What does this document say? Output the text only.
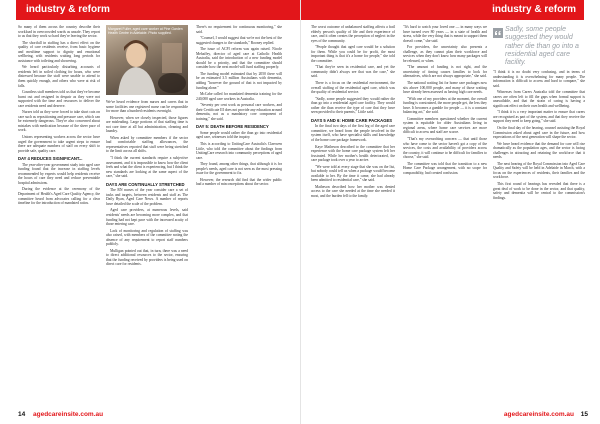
industry & reform

So many of them across the country describe their workload in overcrowded wards as unsafe. They report to us that they work so hard they're leaving the sector.

The shortfall in staffing has a direct effect on the quality of care residents receive, from basic hygiene and mealtime support to dignity and emotional wellbeing, with residents waiting long periods for assistance with toileting and showering.

We heard particularly disturbing accounts of residents left in soiled clothing for hours, who were distressed because the staff were unable to attend to them quickly enough, and others who were at risk of falls.

Countless staff members told us that they've become burnt out and resigned in despair as they were not supported with the time and resources to deliver the care residents need and deserve.

Nurses told us they were forced to take short cuts on care such as repositioning and pressure care, which can be extremely dangerous. They're also concerned about mistakes with medication because of the sheer pace of work.

Unions representing workers across the sector have urged the government to take urgent steps to ensure there are adequate numbers of staff on every shift to provide safe, quality care.

DAY 4 REDUCES SIGNIFICANT...

The year-after-year government study into aged care funding found that the increase in staffing levels recommended by experts would help residents receive the hours of care they need and reduce preventable hospital admissions.

During the evidence at the ceremony of the Department of Health's Aged Care Quality Agency, the committee heard from advocates calling for a clear timeline for the introduction of mandated ratios.

Margaret Fuller, aged care worker at Pine Garden Health Centre in Adelaide. Photo supplied.

We've heard evidence from nurses and carers that in some facilities one registered nurse can be responsible for more than a hundred residents overnight.

However, when we closely inspected, those figures are misleading. Large portions of that staffing time is not care time at all but administration, cleaning and laundry.

When asked by committee members if the sector had comfortable staffing allowances, the representatives reported that staff were being stretched to the limit across all shifts.

"I think the current standards require a subjective assessment, and it is impossible to know how the client feels and what the client is experiencing, but I think the new standards are looking at the same aspect of the care," she said.

DAYS ARE CONTINUALLY STRETCHED

The RN nurses of the year consider care a set of tasks and targets, between residents and staff as The Daily Ryan, Aged Care News. A number of reports have detailed the scale of the problem.

Aged care providers, at numerous levels, said residents' needs are becoming more complex, and that funding had not kept pace with the increased acuity of those entering care.

Lack of monitoring and regulation of staffing was also raised, with members of the committee noting the absence of any requirement to report staff numbers publicly.

Mulligan pointed out that, in turn, there was a need to direct additional resources to the sector, ensuring that the funding received by providers is being used on direct care for residents.

There's no requirement for continuous monitoring," she said.

"Counsel, I would suggest that we're not the best of the suggested changes to the standards," Rooney replied.

The issue of ACFI reform was again raised. Nicole Mehaffey, director of aged care at Catholic Health Australia, said the introduction of a new funding model should be a priority, and that the committee should consider how the next model will fund staffing properly.

The funding model estimated that by 2050 there will be an estimated 3.5 million Australians with dementia, adding "however the ground of that is not impacted by funding alone."

McCabe called for mandated dementia training for the 240,000 aged care workers in Australia.

"Seventy per cent work as personal care workers, and their Certificate III does not provide any education around dementia, not as a mandatory core component of training," she said.

DAY 5: DEATH BEFORE RESIDENCY

Some people would rather die than go into residential aged care, witnesses told the inquiry.

This is according to UnitingCare Australia's Claerwen Little, who told the committee about the findings from UnitingCare research into community perceptions of aged care.

They found, among other things, that although it is for people's needs, aged care is not seen as the most pressing issue for the government to fix.

However, the research did find that the wider public had a number of misconceptions about the sector.

14 agedcareinsite.com.au
industry & reform

The worst outcome of unbalanced staffing affects a frail elderly person's quality of life and their experience of care, and it often creates the perception of neglect in the eyes of the community.

"People thought that aged care would be a solution for them. While you could be for profit, the most important thing is that it's a home for people," she told the committee.

"That they're seen in residential care, and yet the community didn't always see that was the case," she said.

There is a focus on the residential environment, the overall staffing of the residential aged care, which was the quality of residential service.

"Sadly, some people suggested they would rather die than go into a residential aged care facility. They would rather die than receive the type of care that they have seen provided to their parents," Little said.

DAYS 5 AND 6: HOME CARE PACKAGES

In the final two days of the first leg of the aged care committee, we heard from the people involved in the system itself, who have specialist skills and knowledge of the home care package framework.

Kaye Matheson described to the committee that her experience with the home care package system left her frustrated. While her mother's health deteriorated, the care package took over a year to arrive.

"We were told at every stage that she was on the list, but nobody could tell us when a package would become available to her. By the time it came, she had already been admitted to residential care," she said.

Matheson described how her mother was denied access to the care she needed at the time she needed it most, and the burden fell to the family.

"It's hard to watch your loved one — in many ways we have turned over 80 years — in a state of health and stress, while the very thing that is meant to support them doesn't come," she said.

For providers, the uncertainty also presents a challenge, as they cannot plan their workforce and services when they don't know how many packages will be released, or when.

"The amount of funding is not right, and the uncertainty of timing causes families to look for alternatives, which are not always appropriate," she said.

The national waiting list for home care packages now sits above 100,000 people, and many of those waiting have already been assessed as having high care needs.

"With one of my providers at the moment, the overall funding is constrained, the more people get, the less they have. It becomes a gamble for people — it is a constant balancing act," she said.

Committee members questioned whether the current system is equitable for older Australians living in regional areas, where home care services are more difficult to access and staff are scarce.

"That's my overarching concern — that until those who have come to the sector haven't got a copy of the services, the costs and availability of providers across the country, it will continue to be difficult for families to choose," she said.

The committee was told that the transition to a new Home Care Package arrangement, with no scope for comparability, had created confusion.

Sadly, some people suggested they would rather die than go into a residential aged care facility.

"I think it is no doubt very confusing, and in terms of understanding it is overwhelming for many people. The information is difficult to access and hard to compare," she said.

Witnesses from Carers Australia told the committee that carers are often left to fill the gaps when formal support is unavailable, and that the strain of caring is having a significant effect on their own health and wellbeing.

"I think it is a very important matter to ensure that carers are recognised as part of the system, and that they receive the support they need to keep going," she said.

On the final day of the hearing, counsel assisting the Royal Commission asked about aged care in the future, and how expectations of the next generation will shape the sector.

We have heard evidence that the demand for care will rise dramatically as the population ages, and the sector is facing challenges in attracting and retaining the workforce that it needs.

The next hearing of the Royal Commission into Aged Care Quality and Safety will be held in Adelaide in March, with a focus on the experiences of residents, their families and the workforce.

This first round of hearings has revealed that there is a great deal of work to be done in the sector, and that quality, safety and dementia will be central to the commission's findings.

agedcareinsite.com.au 15
